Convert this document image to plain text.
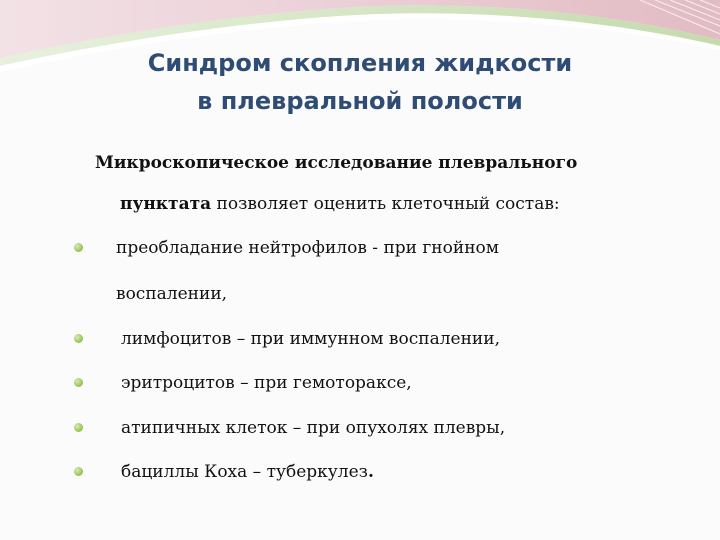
Синдром скопления жидкости
в плевральной полости
Микроскопическое исследование плеврального
пунктата позволяет оценить клеточный состав:
преобладание нейтрофилов - при гнойном
воспалении,
лимфоцитов – при иммунном воспалении,
эритроцитов – при гемотораксе,
атипичных клеток – при опухолях плевры,
бациллы Коха – туберкулез.
